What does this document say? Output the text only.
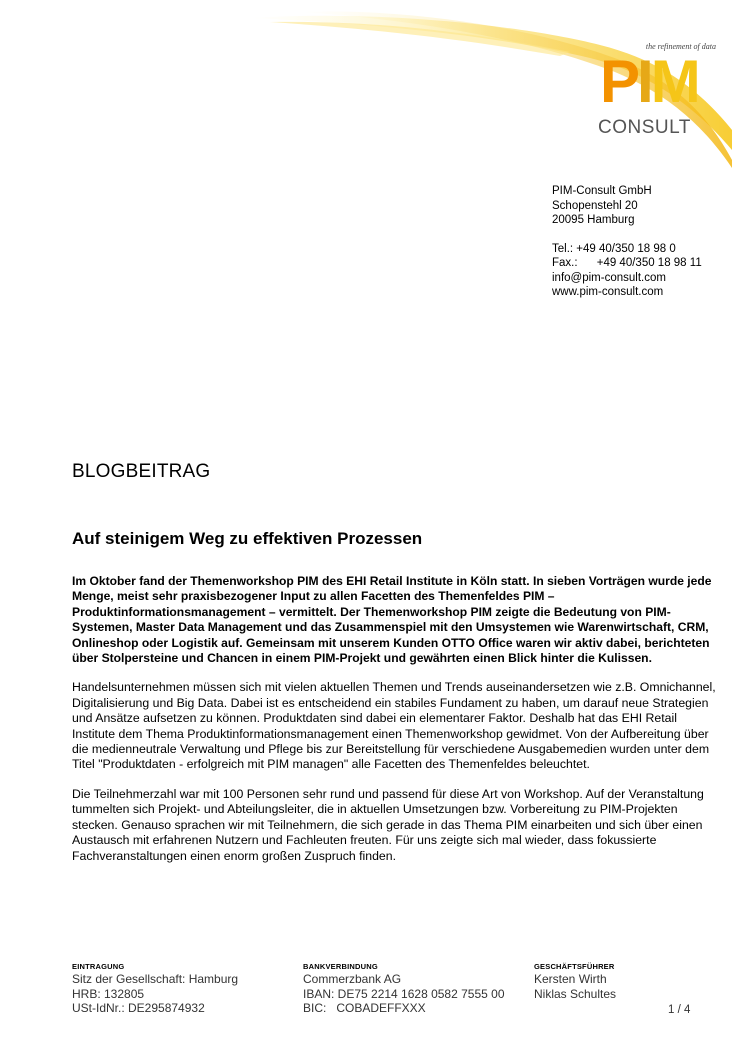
the refinement of data
PIM
CONSULT
PIM-Consult GmbH
Schopenstehl 20
20095 Hamburg
Tel.: +49 40/350 18 98 0
Fax.:      +49 40/350 18 98 11
info@pim-consult.com
www.pim-consult.com
BLOGBEITRAG
Auf steinigem Weg zu effektiven Prozessen

Im Oktober fand der Themenworkshop PIM des EHI Retail Institute in Köln statt. In sieben Vorträgen wurde jede Menge, meist sehr praxisbezogener Input zu allen Facetten des Themenfeldes PIM – Produktinformationsmanagement – vermittelt. Der Themenworkshop PIM zeigte die Bedeutung von PIM-Systemen, Master Data Management und das Zusammenspiel mit den Umsystemen wie Warenwirtschaft, CRM, Onlineshop oder Logistik auf. Gemeinsam mit unserem Kunden OTTO Office waren wir aktiv dabei, berichteten über Stolpersteine und Chancen in einem PIM-Projekt und gewährten einen Blick hinter die Kulissen.

Handelsunternehmen müssen sich mit vielen aktuellen Themen und Trends auseinandersetzen wie z.B. Omnichannel, Digitalisierung und Big Data. Dabei ist es entscheidend ein stabiles Fundament zu haben, um darauf neue Strategien und Ansätze aufsetzen zu können. Produktdaten sind dabei ein elementarer Faktor. Deshalb hat das EHI Retail Institute dem Thema Produktinformationsmanagement einen Themenworkshop gewidmet. Von der Aufbereitung über die medienneutrale Verwaltung und Pflege bis zur Bereitstellung für verschiedene Ausgabemedien wurden unter dem Titel "Produktdaten - erfolgreich mit PIM managen" alle Facetten des Themenfeldes beleuchtet.

Die Teilnehmerzahl war mit 100 Personen sehr rund und passend für diese Art von Workshop. Auf der Veranstaltung tummelten sich Projekt- und Abteilungsleiter, die in aktuellen Umsetzungen bzw. Vorbereitung zu PIM-Projekten stecken. Genauso sprachen wir mit Teilnehmern, die sich gerade in das Thema PIM einarbeiten und sich über einen Austausch mit erfahrenen Nutzern und Fachleuten freuten. Für uns zeigte sich mal wieder, dass fokussierte Fachveranstaltungen einen enorm großen Zuspruch finden.

EINTRAGUNG
Sitz der Gesellschaft: Hamburg
HRB: 132805
USt-IdNr.: DE295874932
BANKVERBINDUNG
Commerzbank AG
IBAN: DE75 2214 1628 0582 7555 00
BIC:   COBADEFFXXX
GESCHÄFTSFÜHRER
Kersten Wirth
Niklas Schultes
1 / 4
